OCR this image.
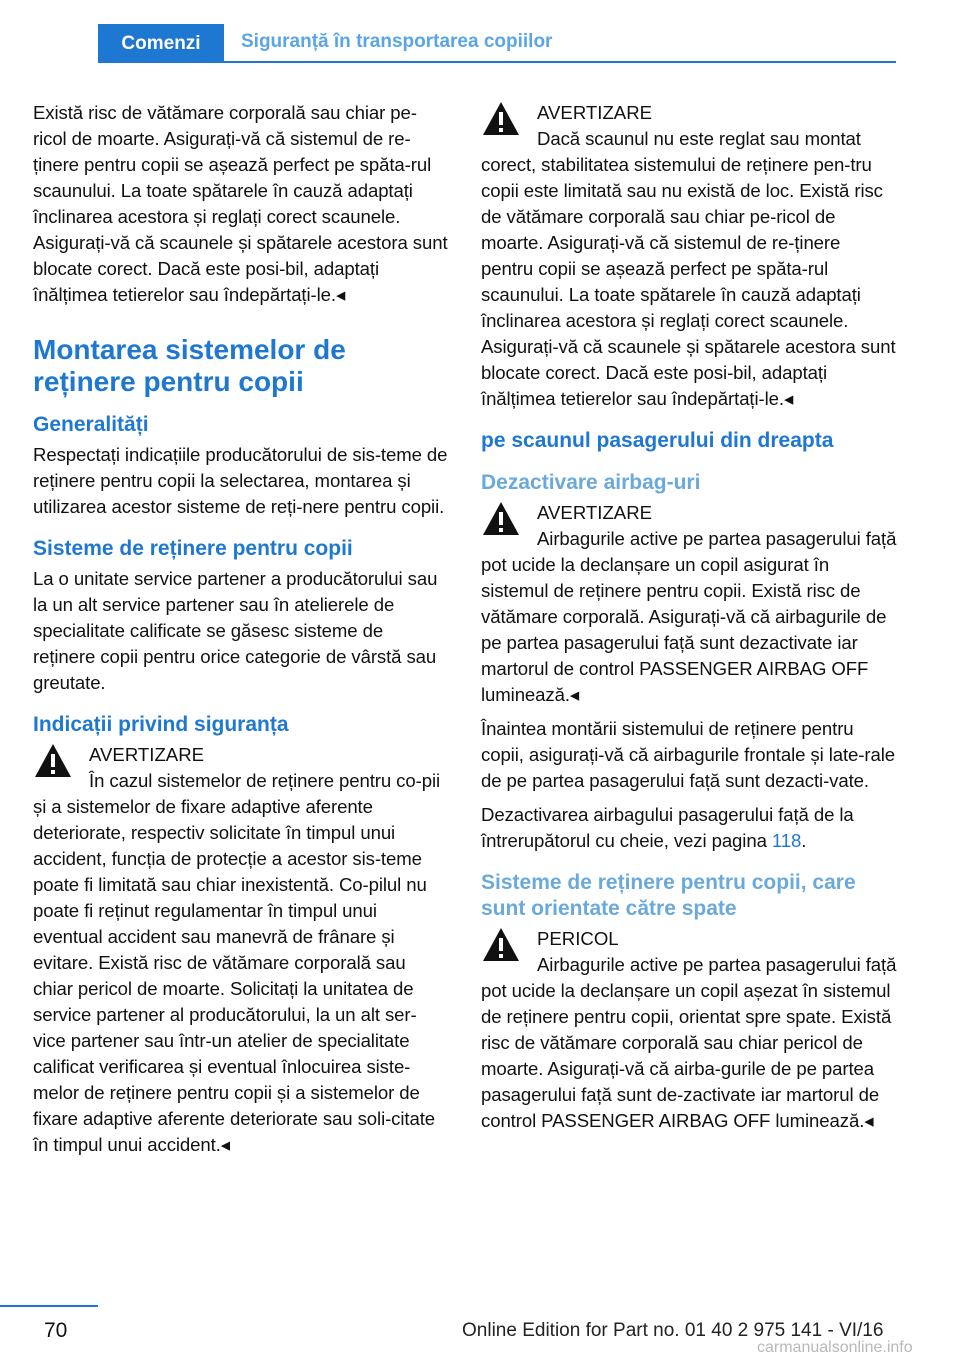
Comenzi	Siguranță în transportarea copiilor

Există risc de vătămare corporală sau chiar pe-ricol de moarte. Asigurați-vă că sistemul de re-ținere pentru copii se așează perfect pe spăta-rul scaunului. La toate spătarele în cauză adaptați înclinarea acestora și reglați corect scaunele. Asigurați-vă că scaunele și spătarele acestora sunt blocate corect. Dacă este posi-bil, adaptați înălțimea tetierelor sau îndepărtați-le.◂

Montarea sistemelor de reținere pentru copii
Generalități

Respectați indicațiile producătorului de sis-teme de reținere pentru copii la selectarea, montarea și utilizarea acestor sisteme de reți-nere pentru copii.

Sisteme de reținere pentru copii

La o unitate service partener a producătorului sau la un alt service partener sau în atelierele de specialitate calificate se găsesc sisteme de reținere copii pentru orice categorie de vârstă sau greutate.

Indicații privind siguranța
AVERTIZARE
În cazul sistemelor de reținere pentru co-pii și a sistemelor de fixare adaptive aferente deteriorate, respectiv solicitate în timpul unui accident, funcția de protecție a acestor sis-teme poate fi limitată sau chiar inexistentă. Co-pilul nu poate fi reținut regulamentar în timpul unui eventual accident sau manevră de frânare și evitare. Există risc de vătămare corporală sau chiar pericol de moarte. Solicitați la unitatea de service partener al producătorului, la un alt ser-vice partener sau într-un atelier de specialitate calificat verificarea și eventual înlocuirea siste-melor de reținere pentru copii și a sistemelor de fixare adaptive aferente deteriorate sau soli-citate în timpul unui accident.◂
AVERTIZARE
Dacă scaunul nu este reglat sau montat corect, stabilitatea sistemului de reținere pen-tru copii este limitată sau nu există de loc. Există risc de vătămare corporală sau chiar pe-ricol de moarte. Asigurați-vă că sistemul de re-ținere pentru copii se așează perfect pe spăta-rul scaunului. La toate spătarele în cauză adaptați înclinarea acestora și reglați corect scaunele. Asigurați-vă că scaunele și spătarele acestora sunt blocate corect. Dacă este posi-bil, adaptați înălțimea tetierelor sau îndepărtați-le.◂
pe scaunul pasagerului din dreapta
Dezactivare airbag-uri
AVERTIZARE
Airbagurile active pe partea pasagerului față pot ucide la declanșare un copil asigurat în sistemul de reținere pentru copii. Există risc de vătămare corporală. Asigurați-vă că airbagurile de pe partea pasagerului față sunt dezactivate iar martorul de control PASSENGER AIRBAG OFF luminează.◂

Înaintea montării sistemului de reținere pentru copii, asigurați-vă că airbagurile frontale și late-rale de pe partea pasagerului față sunt dezacti-vate.

Dezactivarea airbagului pasagerului față de la întrerupătorul cu cheie, vezi pagina 118.

Sisteme de reținere pentru copii, care sunt orientate către spate
PERICOL
Airbagurile active pe partea pasagerului față pot ucide la declanșare un copil așezat în sistemul de reținere pentru copii, orientat spre spate. Există risc de vătămare corporală sau chiar pericol de moarte. Asigurați-vă că airba-gurile de pe partea pasagerului față sunt de-zactivate iar martorul de control PASSENGER AIRBAG OFF luminează.◂
70	Online Edition for Part no. 01 40 2 975 141 - VI/16
carmanualsonline.info
